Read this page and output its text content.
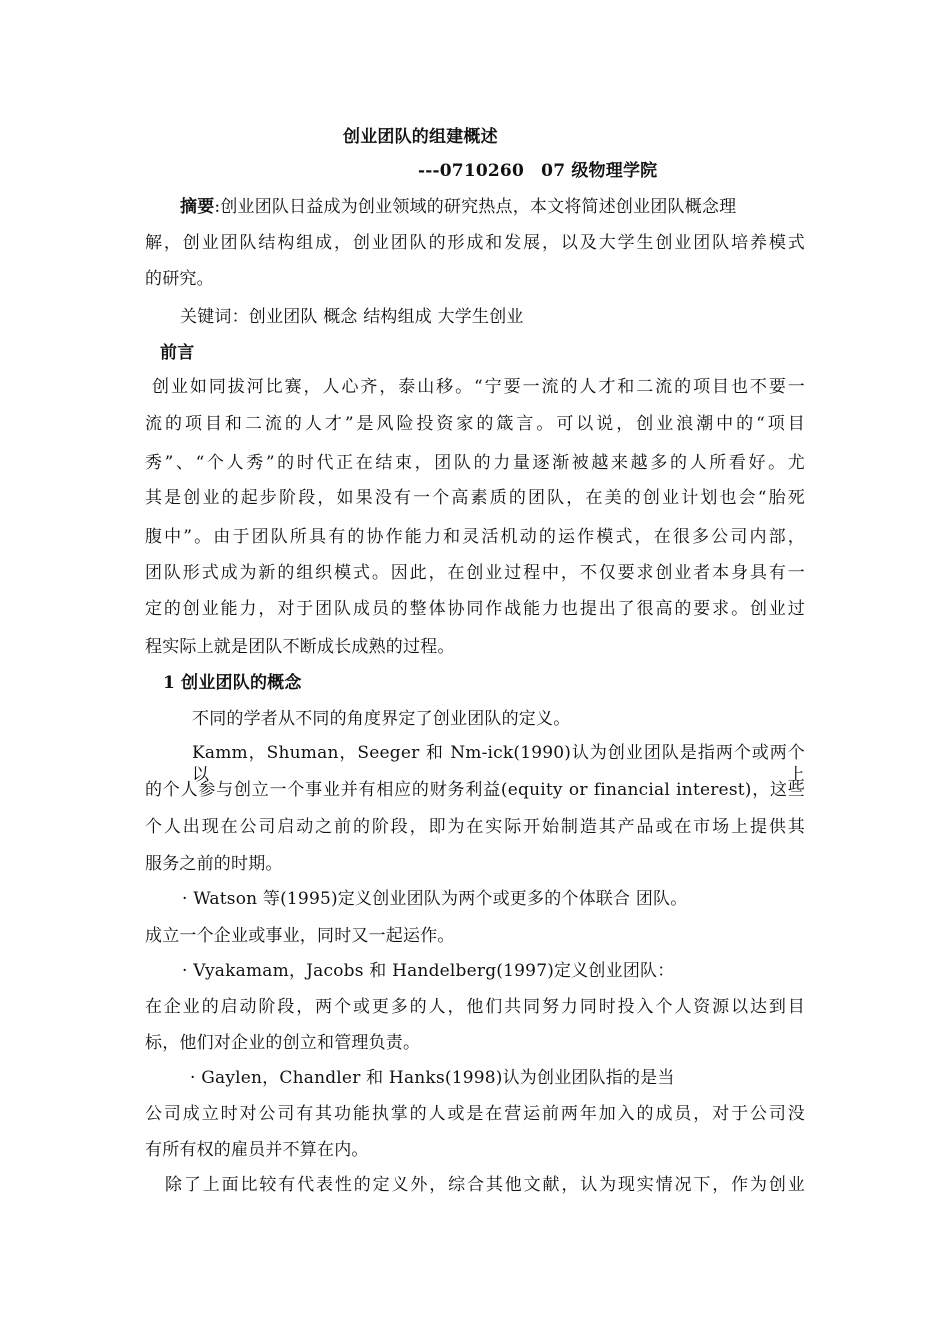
创业团队的组建概述
---0710260　07 级物理学院
摘要:创业团队日益成为创业领域的研究热点，本文将简述创业团队概念理
解，创业团队结构组成，创业团队的形成和发展，以及大学生创业团队培养模式
的研究。
关键词：创业团队 概念 结构组成 大学生创业
前言
创业如同拔河比赛，人心齐，泰山移。“宁要一流的人才和二流的项目也不要一
流的项目和二流的人才”是风险投资家的箴言。可以说，创业浪潮中的“项目
秀”、“个人秀”的时代正在结束，团队的力量逐渐被越来越多的人所看好。尤
其是创业的起步阶段，如果没有一个高素质的团队，在美的创业计划也会“胎死
腹中”。由于团队所具有的协作能力和灵活机动的运作模式，在很多公司内部，
团队形式成为新的组织模式。因此，在创业过程中，不仅要求创业者本身具有一
定的创业能力，对于团队成员的整体协同作战能力也提出了很高的要求。创业过
程实际上就是团队不断成长成熟的过程。
1 创业团队的概念
不同的学者从不同的角度界定了创业团队的定义。
Kamm，Shuman，Seeger 和 Nm-ick(1990)认为创业团队是指两个或两个以上
的个人参与创立一个事业并有相应的财务利益(equity or financial interest)，这些
个人出现在公司启动之前的阶段，即为在实际开始制造其产品或在市场上提供其
服务之前的时期。
· Watson 等(1995)定义创业团队为两个或更多的个体联合 团队。
成立一个企业或事业，同时又一起运作。
· Vyakamam，Jacobs 和 Handelberg(1997)定义创业团队：
在企业的启动阶段，两个或更多的人，他们共同努力同时投入个人资源以达到目
标，他们对企业的创立和管理负责。
· Gaylen，Chandler 和 Hanks(1998)认为创业团队指的是当
公司成立时对公司有其功能执掌的人或是在营运前两年加入的成员，对于公司没
有所有权的雇员并不算在内。
除了上面比较有代表性的定义外，综合其他文献，认为现实情况下，作为创业
